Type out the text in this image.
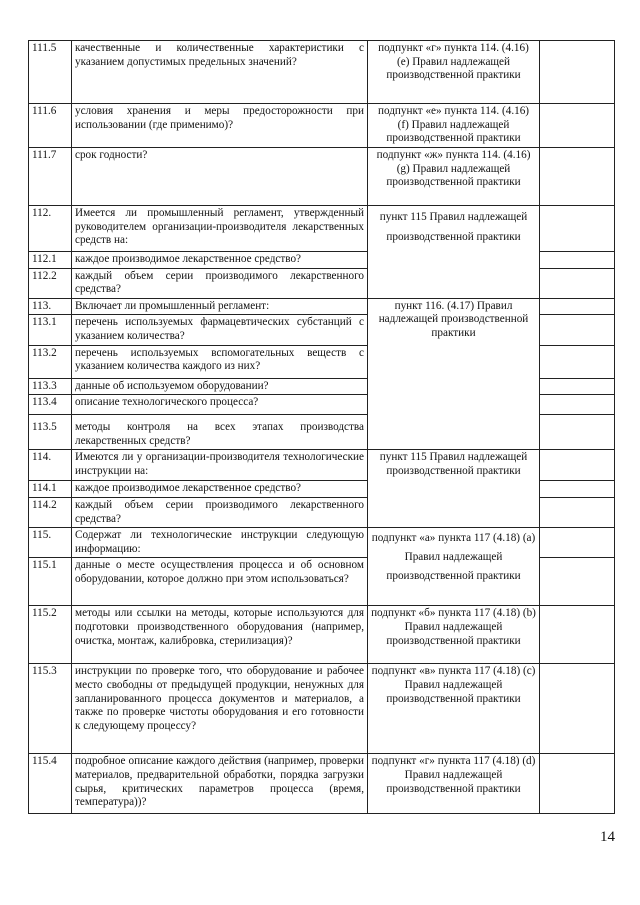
111.5	качественные и количественные характеристики с указанием допустимых предельных значений?	подпункт «г» пункта 114. (4.16) (e) Правил надлежащей производственной практики	
111.6	условия хранения и меры предосторожности при использовании (где применимо)?	подпункт «е» пункта 114. (4.16) (f) Правил надлежащей производственной практики	
111.7	срок годности?	подпункт «ж» пункта 114. (4.16) (g) Правил надлежащей производственной практики	
112.	Имеется ли промышленный регламент, утвержденный руководителем организации-производителя лекарственных средств на:	пункт 115 Правил надлежащей производственной практики	
112.1	каждое производимое лекарственное средство?		
112.2	каждый объем серии производимого лекарственного средства?		
113.	Включает ли промышленный регламент:	пункт 116. (4.17) Правил надлежащей производственной практики	
113.1	перечень используемых фармацевтических субстанций с указанием количества?		
113.2	перечень используемых вспомогательных веществ с указанием количества каждого из них?		
113.3	данные об используемом оборудовании?		
113.4	описание технологического процесса?		
113.5	методы контроля на всех этапах производства лекарственных средств?		
114.	Имеются ли у организации-производителя технологические инструкции на:	пункт 115 Правил надлежащей производственной практики	
114.1	каждое производимое лекарственное средство?		
114.2	каждый объем серии производимого лекарственного средства?		
115.	Содержат ли технологические инструкции следующую информацию:	подпункт «а» пункта 117 (4.18) (a) Правил надлежащей производственной практики	
115.1	данные о месте осуществления процесса и об основном оборудовании, которое должно при этом использоваться?		
115.2	методы или ссылки на методы, которые используются для подготовки производственного оборудования (например, очистка, монтаж, калибровка, стерилизация)?	подпункт «б» пункта 117 (4.18) (b) Правил надлежащей производственной практики	
115.3	инструкции по проверке того, что оборудование и рабочее место свободны от предыдущей продукции, ненужных для запланированного процесса документов и материалов, а также по проверке чистоты оборудования и его готовности к следующему процессу?	подпункт «в» пункта 117 (4.18) (c) Правил надлежащей производственной практики	
115.4	подробное описание каждого действия (например, проверки материалов, предварительной обработки, порядка загрузки сырья, критических параметров процесса (время, температура))?	подпункт «г» пункта 117 (4.18) (d) Правил надлежащей производственной практики	
14
